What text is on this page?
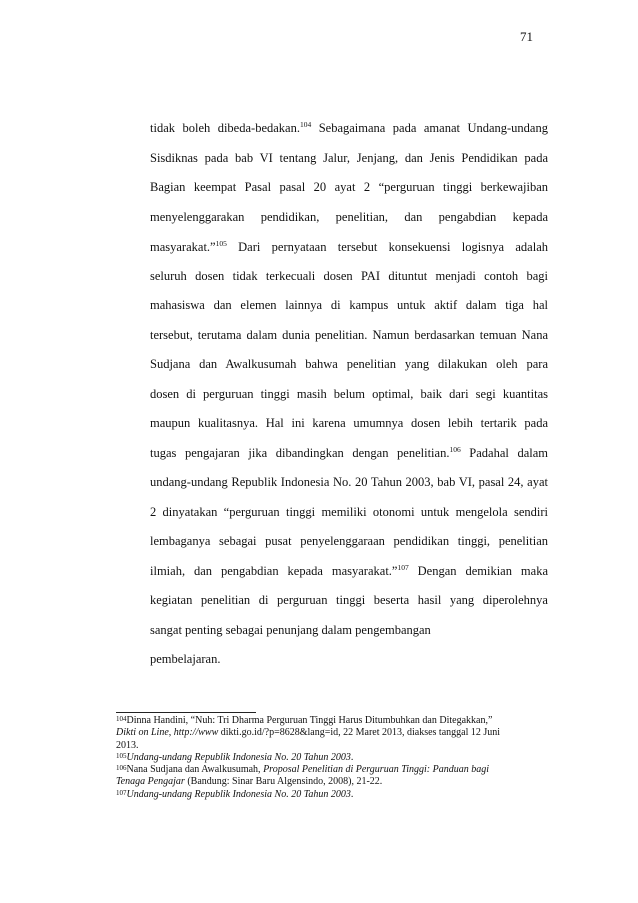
71
tidak boleh dibeda-bedakan.$^{104}$ Sebagaimana pada amanat Undang-undang
Sisdiknas pada bab VI tentang Jalur, Jenjang, dan Jenis Pendidikan pada
Bagian keempat Pasal pasal 20 ayat 2 “perguruan tinggi berkewajiban
menyelenggarakan pendidikan, penelitian, dan pengabdian kepada
masyarakat.”$^{105}$ Dari pernyataan tersebut konsekuensi logisnya adalah
seluruh dosen tidak terkecuali dosen PAI dituntut menjadi contoh bagi
mahasiswa dan elemen lainnya di kampus untuk aktif dalam tiga hal
tersebut, terutama dalam dunia penelitian. Namun berdasarkan temuan Nana
Sudjana dan Awalkusumah bahwa penelitian yang dilakukan oleh para
dosen di perguruan tinggi masih belum optimal, baik dari segi kuantitas
maupun kualitasnya. Hal ini karena umumnya dosen lebih tertarik pada
tugas pengajaran jika dibandingkan dengan penelitian.$^{106}$ Padahal dalam
undang-undang Republik Indonesia No. 20 Tahun 2003, bab VI, pasal 24, ayat
2 dinyatakan “perguruan tinggi memiliki otonomi untuk mengelola sendiri
lembaganya sebagai pusat penyelenggaraan pendidikan tinggi, penelitian
ilmiah, dan pengabdian kepada masyarakat.”$^{107}$ Dengan demikian maka
kegiatan penelitian di perguruan tinggi beserta hasil yang diperolehnya
sangat penting sebagai penunjang dalam pengembangan
pembelajaran.
$^{104}$Dinna Handini, “Nuh: Tri Dharma Perguruan Tinggi Harus Ditumbuhkan dan Ditegakkan,”
Dikti on Line, http://www dikti.go.id/?p=8628&lang=id, 22 Maret 2013, diakses tanggal 12 Juni
2013.
$^{105}$Undang-undang Republik Indonesia No. 20 Tahun 2003.
$^{106}$Nana Sudjana dan Awalkusumah, Proposal Penelitian di Perguruan Tinggi: Panduan bagi
Tenaga Pengajar (Bandung: Sinar Baru Algensindo, 2008), 21-22.
$^{107}$Undang-undang Republik Indonesia No. 20 Tahun 2003.
